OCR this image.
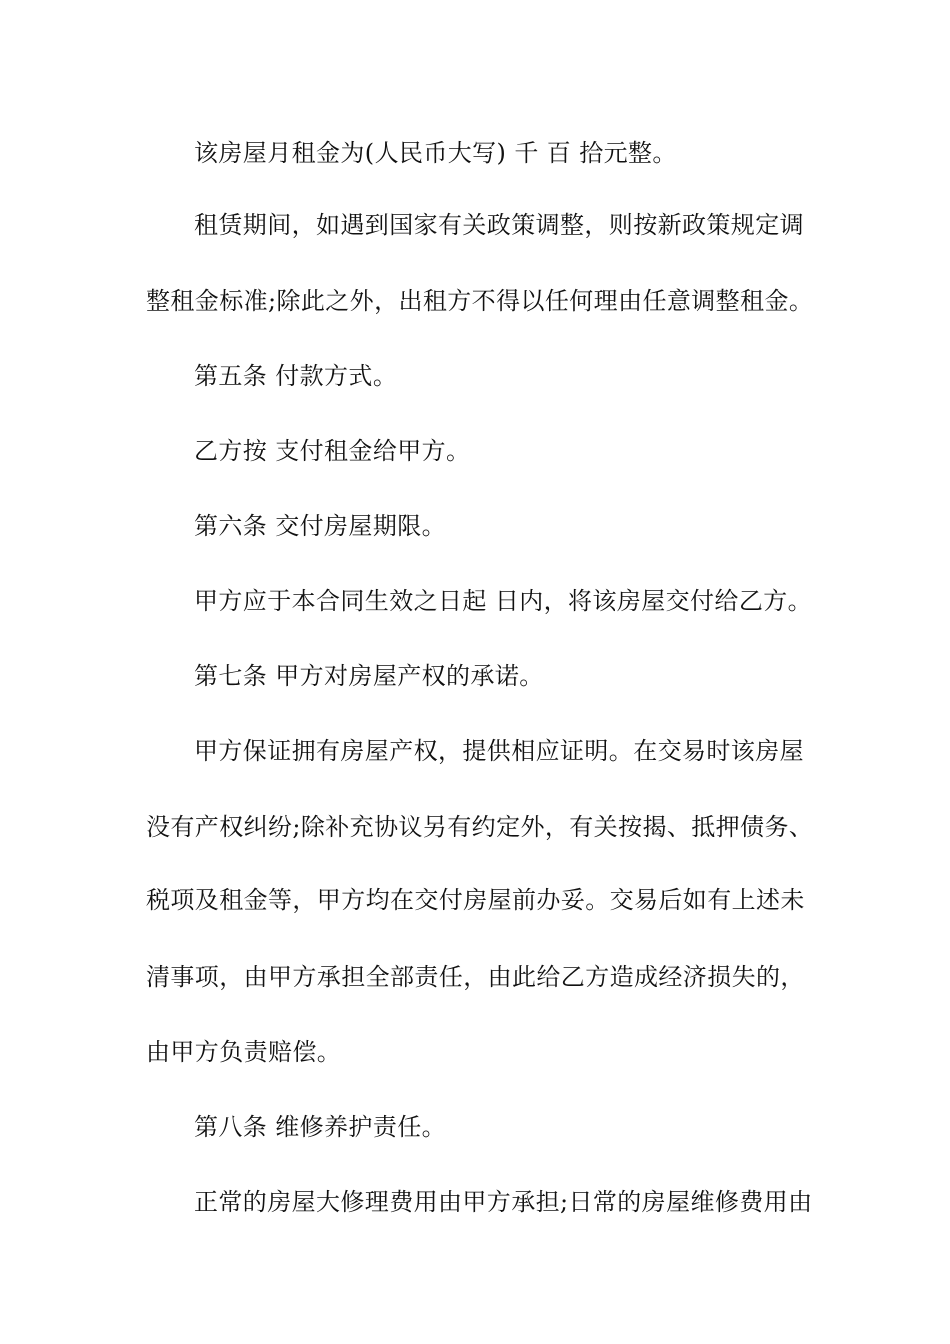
该房屋月租金为(人民币大写) 千 百 拾元整。
租赁期间，如遇到国家有关政策调整，则按新政策规定调
整租金标准;除此之外，出租方不得以任何理由任意调整租金。
第五条 付款方式。
乙方按 支付租金给甲方。
第六条 交付房屋期限。
甲方应于本合同生效之日起 日内，将该房屋交付给乙方。
第七条 甲方对房屋产权的承诺。
甲方保证拥有房屋产权，提供相应证明。在交易时该房屋
没有产权纠纷;除补充协议另有约定外，有关按揭、抵押债务、
税项及租金等，甲方均在交付房屋前办妥。交易后如有上述未
清事项，由甲方承担全部责任，由此给乙方造成经济损失的，
由甲方负责赔偿。
第八条 维修养护责任。
正常的房屋大修理费用由甲方承担;日常的房屋维修费用由
